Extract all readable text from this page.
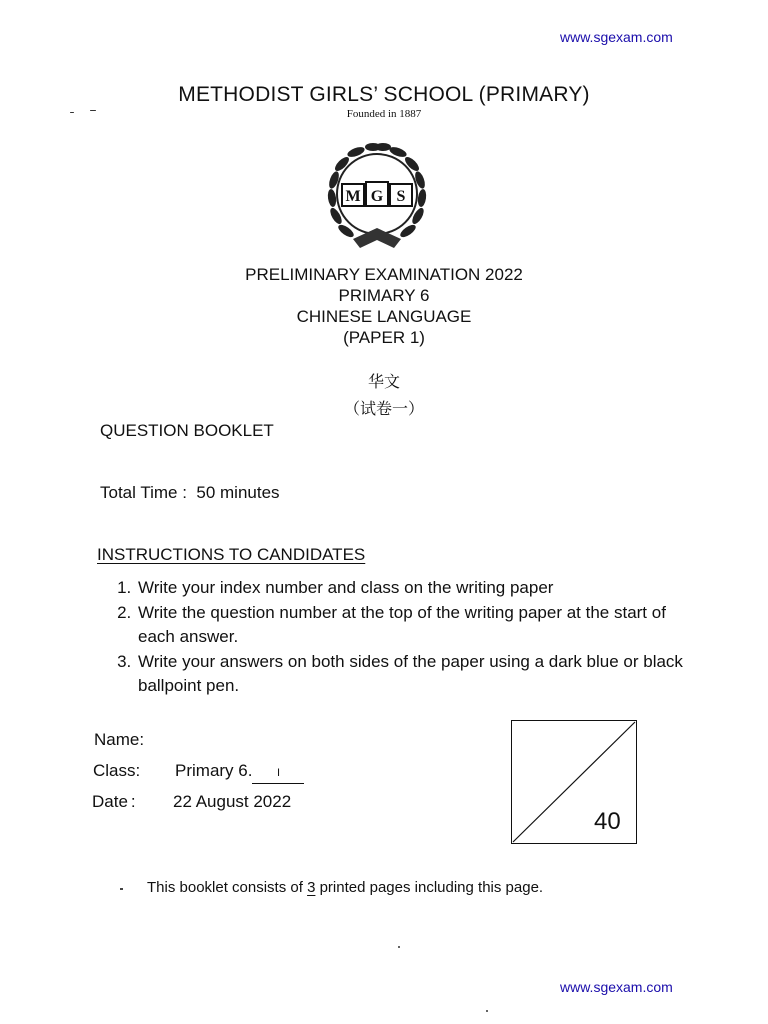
www.sgexam.com
METHODIST GIRLS’ SCHOOL (PRIMARY)
Founded in 1887
M G S
PRELIMINARY EXAMINATION 2022
PRIMARY 6
CHINESE LANGUAGE
(PAPER 1)
华文
（试卷一）
QUESTION BOOKLET
Total Time : 50 minutes
INSTRUCTIONS TO CANDIDATES
1. Write your index number and class on the writing paper
2. Write the question number at the top of the writing paper at the start of each answer.
3. Write your answers on both sides of the paper using a dark blue or black ballpoint pen.
Name:
Class: Primary 6. I
Date : 22 August 2022
40
This booklet consists of 3 printed pages including this page.
www.sgexam.com
